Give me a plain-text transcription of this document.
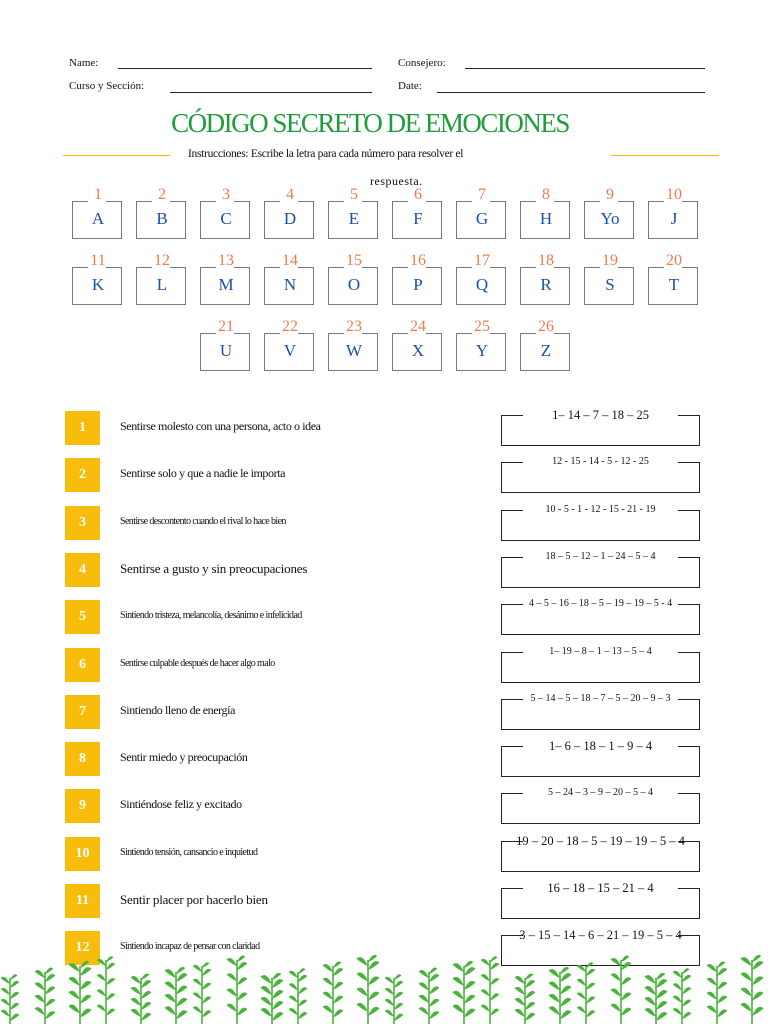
Name:
Curso y Sección:
Consejero:
Date:
CÓDIGO SECRETO DE EMOCIONES
Instrucciones: Escribe la letra para cada número para resolver el
respuesta.
1
A
2
B
3
C
4
D
5
E
6
F
7
G
8
H
9
Yo
10
J
11
K
12
L
13
M
14
N
15
O
16
P
17
Q
18
R
19
S
20
T
21
U
22
V
23
W
24
X
25
Y
26
Z
1	Sentirse molesto con una persona, acto o idea
1– 14 – 7 – 18 – 25
2	Sentirse solo y que a nadie le importa
12 - 15 - 14 - 5 - 12 - 25
3	Sentirse descontento cuando el rival lo hace bien
10 - 5 - 1 - 12 - 15 - 21 - 19
4	Sentirse a gusto y sin preocupaciones
18 – 5 – 12 – 1 – 24 – 5 – 4
5	Sintiendo tristeza, melancolía, desánimo e infelicidad
4 – 5 – 16 – 18 – 5 – 19 – 19 – 5 - 4
6	Sentirse culpable después de hacer algo malo
1– 19 – 8 – 1 – 13 – 5 – 4
7	Sintiendo lleno de energía
5 – 14 – 5 – 18 – 7 – 5 – 20 – 9 – 3
8	Sentir miedo y preocupación
1– 6 – 18 – 1 – 9 – 4
9	Sintiéndose feliz y excitado
5 – 24 – 3 – 9 – 20 – 5 – 4
10	Sintiendo tensión, cansancio e inquietud
19 – 20 – 18 – 5 – 19 – 19 – 5 – 4
11	Sentir placer por hacerlo bien
16 – 18 – 15 – 21 – 4
12	Sintiendo incapaz de pensar con claridad
3 – 15 – 14 – 6 – 21 – 19 – 5 – 4
